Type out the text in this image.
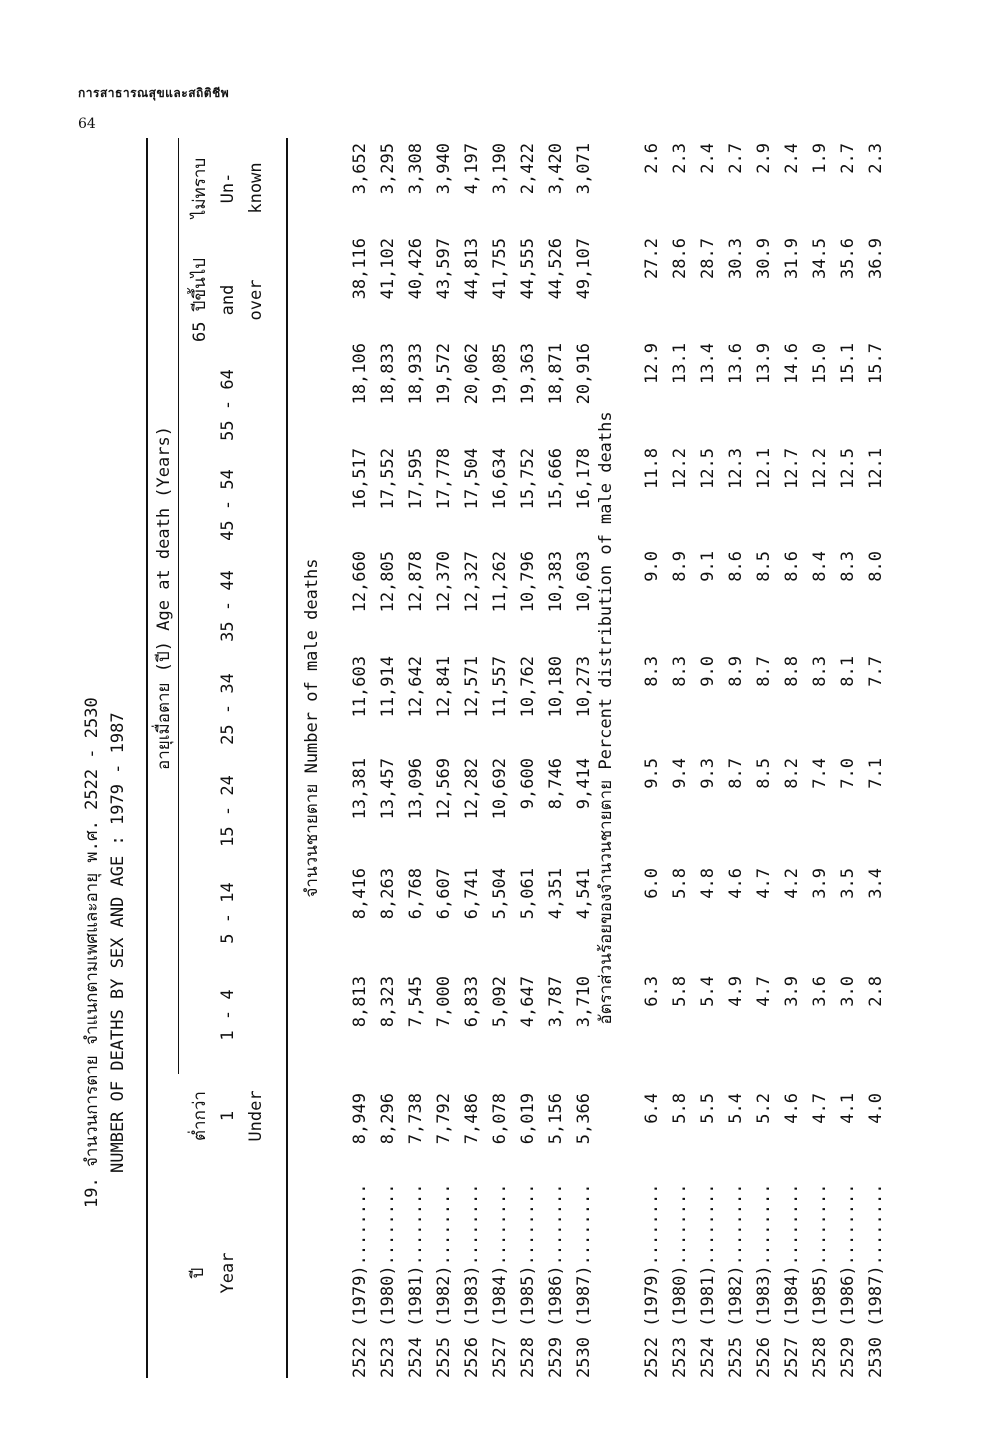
การสาธารณสุขและสถิติชีพ
64
19. จำนวนการตาย จำแนกตามเพศและอายุ พ.ศ. 2522 - 2530 NUMBER OF DEATHS BY SEX AND AGE : 1979 - 1987
ปี Year
อายุเมื่อตาย (ปี) Age at death (Years)
ต่ำกว่า 1 Under
1 - 4
5 - 14
15 - 24
25 - 34
35 - 44
45 - 54
55 - 64
65 ปีขึ้นไป and over
ไม่ทราบ Un- known
จำนวนชายตาย Number of male deaths
2522 (1979)........
8,949
8,813
8,416
13,381
11,603
12,660
16,517
18,106
38,116
3,652
2523 (1980)........
8,296
8,323
8,263
13,457
11,914
12,805
17,552
18,833
41,102
3,295
2524 (1981)........
7,738
7,545
6,768
13,096
12,642
12,878
17,595
18,933
40,426
3,308
2525 (1982)........
7,792
7,000
6,607
12,569
12,841
12,370
17,778
19,572
43,597
3,940
2526 (1983)........
7,486
6,833
6,741
12,282
12,571
12,327
17,504
20,062
44,813
4,197
2527 (1984)........
6,078
5,092
5,504
10,692
11,557
11,262
16,634
19,085
41,755
3,190
2528 (1985)........
6,019
4,647
5,061
9,600
10,762
10,796
15,752
19,363
44,555
2,422
2529 (1986)........
5,156
3,787
4,351
8,746
10,180
10,383
15,666
18,871
44,526
3,420
2530 (1987)........
5,366
3,710
4,541
9,414
10,273
10,603
16,178
20,916
49,107
3,071
อัตราส่วนร้อยของจำนวนชายตาย Percent distribution of male deaths
2522 (1979)........
6.4
6.3
6.0
9.5
8.3
9.0
11.8
12.9
27.2
2.6
2523 (1980)........
5.8
5.8
5.8
9.4
8.3
8.9
12.2
13.1
28.6
2.3
2524 (1981)........
5.5
5.4
4.8
9.3
9.0
9.1
12.5
13.4
28.7
2.4
2525 (1982)........
5.4
4.9
4.6
8.7
8.9
8.6
12.3
13.6
30.3
2.7
2526 (1983)........
5.2
4.7
4.7
8.5
8.7
8.5
12.1
13.9
30.9
2.9
2527 (1984)........
4.6
3.9
4.2
8.2
8.8
8.6
12.7
14.6
31.9
2.4
2528 (1985)........
4.7
3.6
3.9
7.4
8.3
8.4
12.2
15.0
34.5
1.9
2529 (1986)........
4.1
3.0
3.5
7.0
8.1
8.3
12.5
15.1
35.6
2.7
2530 (1987)........
4.0
2.8
3.4
7.1
7.7
8.0
12.1
15.7
36.9
2.3
